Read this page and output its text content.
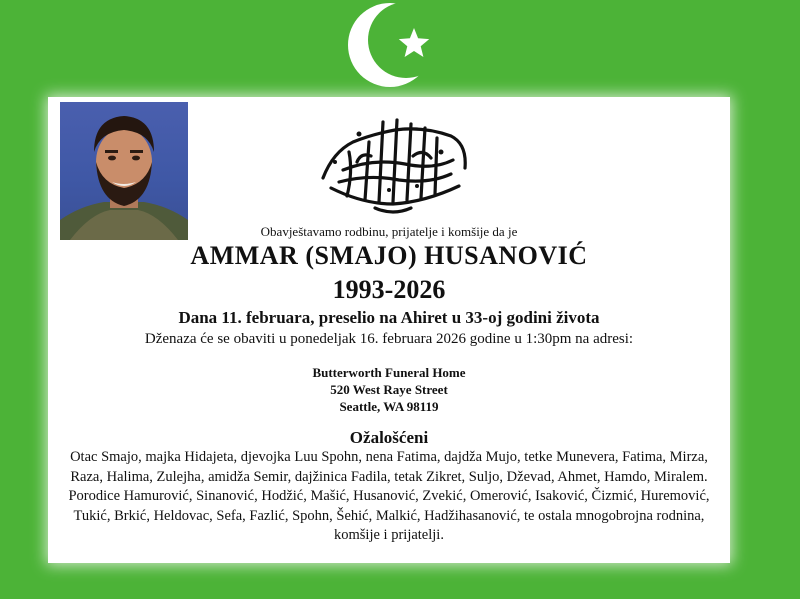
Obavještavamo rodbinu, prijatelje i komšije da je
AMMAR (SMAJO) HUSANOVIĆ
1993-2026
Dana 11. februara, preselio na Ahiret u 33-oj godini života
Dženaza će se obaviti u ponedeljak 16. februara 2026 godine u 1:30pm na adresi:
Butterworth Funeral Home
520 West Raye Street
Seattle, WA 98119
Ožalošćeni
Otac Smajo, majka Hidajeta, djevojka Luu Spohn, nena Fatima, dajdža Mujo, tetke Munevera, Fatima, Mirza, Raza, Halima, Zulejha, amidža Semir, dajžinica Fadila, tetak Zikret, Suljo, Dževad, Ahmet, Hamdo, Miralem. Porodice Hamurović, Sinanović, Hodžić, Mašić, Husanović, Zvekić, Omerović, Isaković, Čizmić, Huremović, Tukić, Brkić, Heldovac, Sefa, Fazlić, Spohn, Šehić, Malkić, Hadžihasanović, te ostala mnogobrojna rodnina, komšije i prijatelji.
